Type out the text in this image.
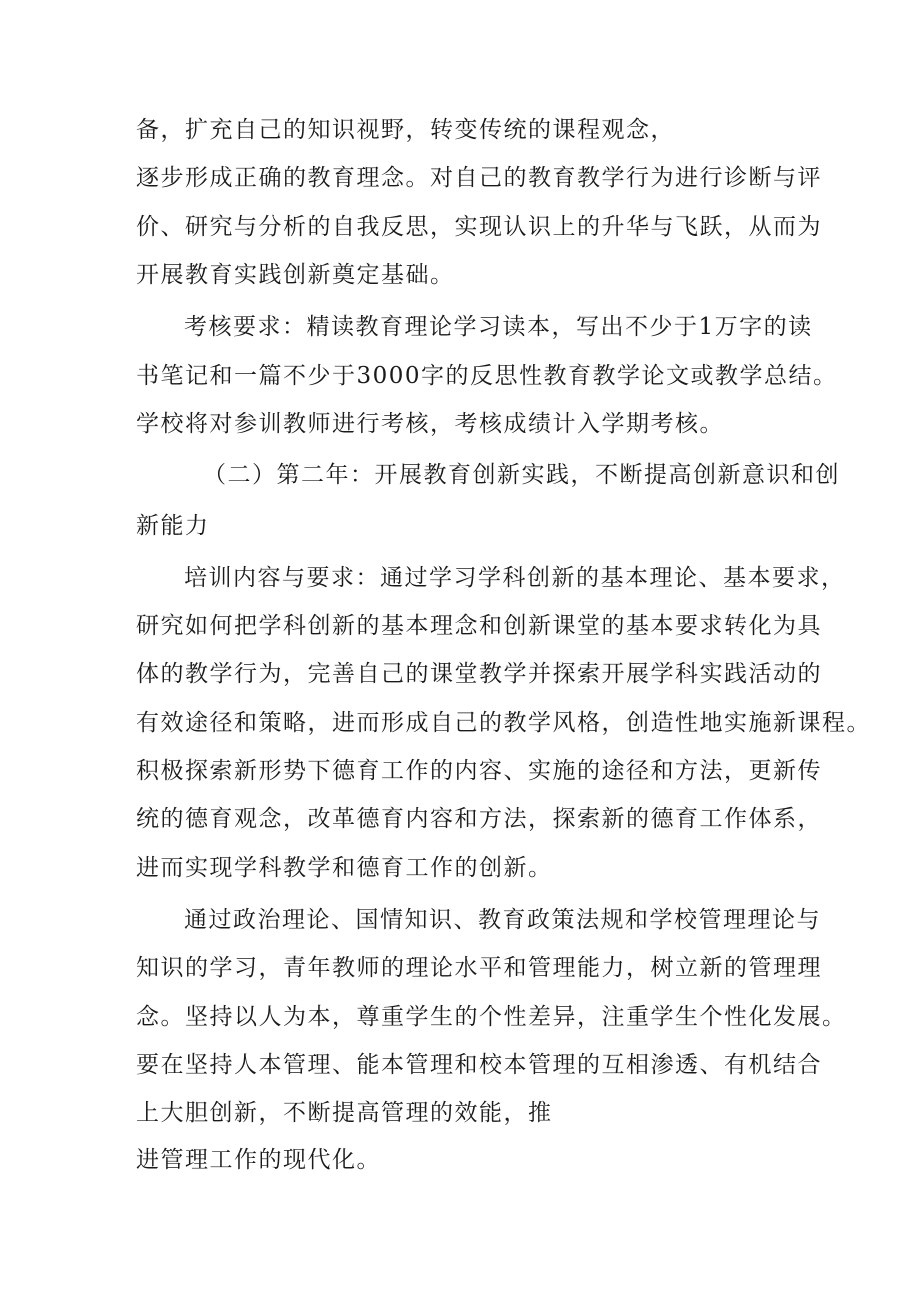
备，扩充自己的知识视野，转变传统的课程观念，
逐步形成正确的教育理念。对自己的教育教学行为进行诊断与评
价、研究与分析的自我反思，实现认识上的升华与飞跃，从而为
开展教育实践创新奠定基础。
考核要求：精读教育理论学习读本，写出不少于1万字的读
书笔记和一篇不少于3000字的反思性教育教学论文或教学总结。
学校将对参训教师进行考核，考核成绩计入学期考核。
（二）第二年：开展教育创新实践，不断提高创新意识和创
新能力
培训内容与要求：通过学习学科创新的基本理论、基本要求，
研究如何把学科创新的基本理念和创新课堂的基本要求转化为具
体的教学行为，完善自己的课堂教学并探索开展学科实践活动的
有效途径和策略，进而形成自己的教学风格，创造性地实施新课程。
积极探索新形势下德育工作的内容、实施的途径和方法，更新传
统的德育观念，改革德育内容和方法，探索新的德育工作体系，
进而实现学科教学和德育工作的创新。
通过政治理论、国情知识、教育政策法规和学校管理理论与
知识的学习，青年教师的理论水平和管理能力，树立新的管理理
念。坚持以人为本，尊重学生的个性差异，注重学生个性化发展。
要在坚持人本管理、能本管理和校本管理的互相渗透、有机结合
上大胆创新，不断提高管理的效能，推
进管理工作的现代化。
